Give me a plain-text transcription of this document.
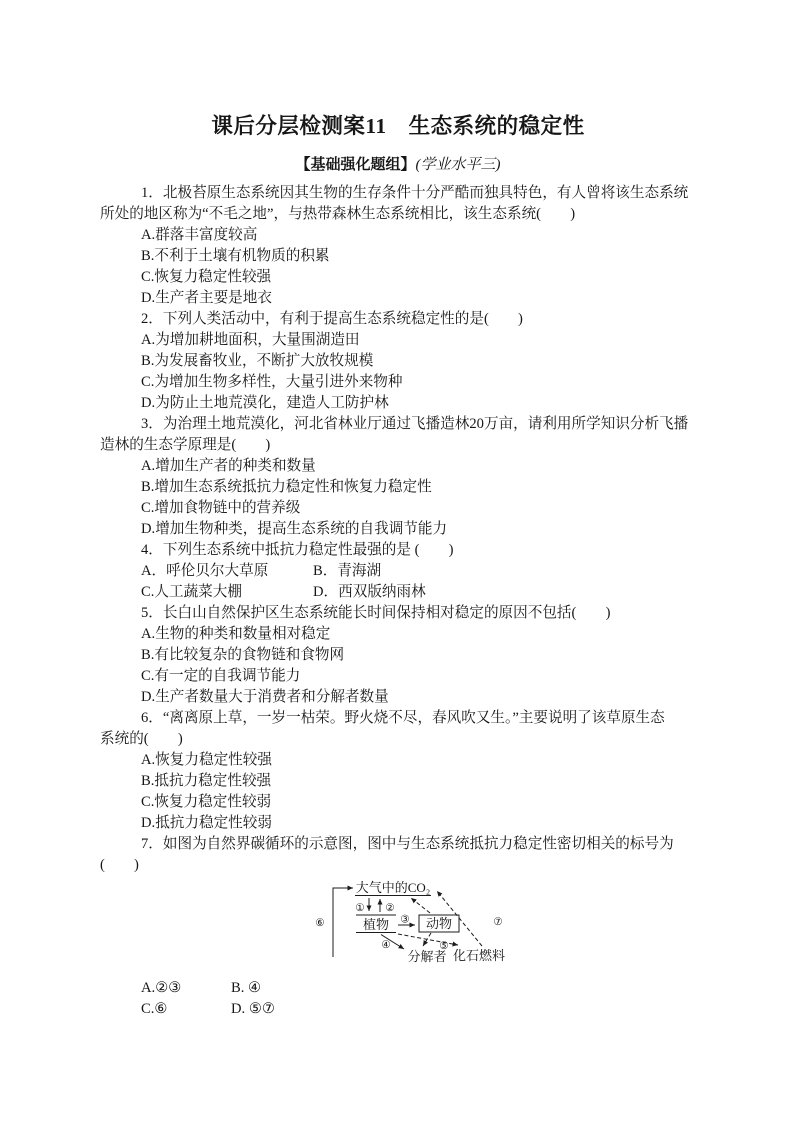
课后分层检测案11　生态系统的稳定性
【基础强化题组】(学业水平三)
1．北极苔原生态系统因其生物的生存条件十分严酷而独具特色，有人曾将该生态系统
所处的地区称为“不毛之地”，与热带森林生态系统相比，该生态系统(　　)
A.群落丰富度较高
B.不利于土壤有机物质的积累
C.恢复力稳定性较强
D.生产者主要是地衣
2．下列人类活动中，有利于提高生态系统稳定性的是(　　)
A.为增加耕地面积，大量围湖造田
B.为发展畜牧业，不断扩大放牧规模
C.为增加生物多样性，大量引进外来物种
D.为防止土地荒漠化，建造人工防护林
3．为治理土地荒漠化，河北省林业厅通过飞播造林20万亩，请利用所学知识分析飞播
造林的生态学原理是(　　)
A.增加生产者的种类和数量
B.增加生态系统抵抗力稳定性和恢复力稳定性
C.增加食物链中的营养级
D.增加生物种类，提高生态系统的自我调节能力
4．下列生态系统中抵抗力稳定性最强的是 (　　)
A．呼伦贝尔大草原	B．青海湖
C.人工蔬菜大棚	D．西双版纳雨林
5．长白山自然保护区生态系统能长时间保持相对稳定的原因不包括(　　)
A.生物的种类和数量相对稳定
B.有比较复杂的食物链和食物网
C.有一定的自我调节能力
D.生产者数量大于消费者和分解者数量
6．“离离原上草，一岁一枯荣。野火烧不尽，春风吹又生。”主要说明了该草原生态
系统的(　　)
A.恢复力稳定性较强
B.抵抗力稳定性较强
C.恢复力稳定性较弱
D.抵抗力稳定性较弱
7．如图为自然界碳循环的示意图，图中与生态系统抵抗力稳定性密切相关的标号为
(　　)
大气中的CO₂
⑥
① ②
植物 ③ 动物
④	⑤
⑦
分解者 化石燃料
A.②③	B. ④
C.⑥	D. ⑤⑦
